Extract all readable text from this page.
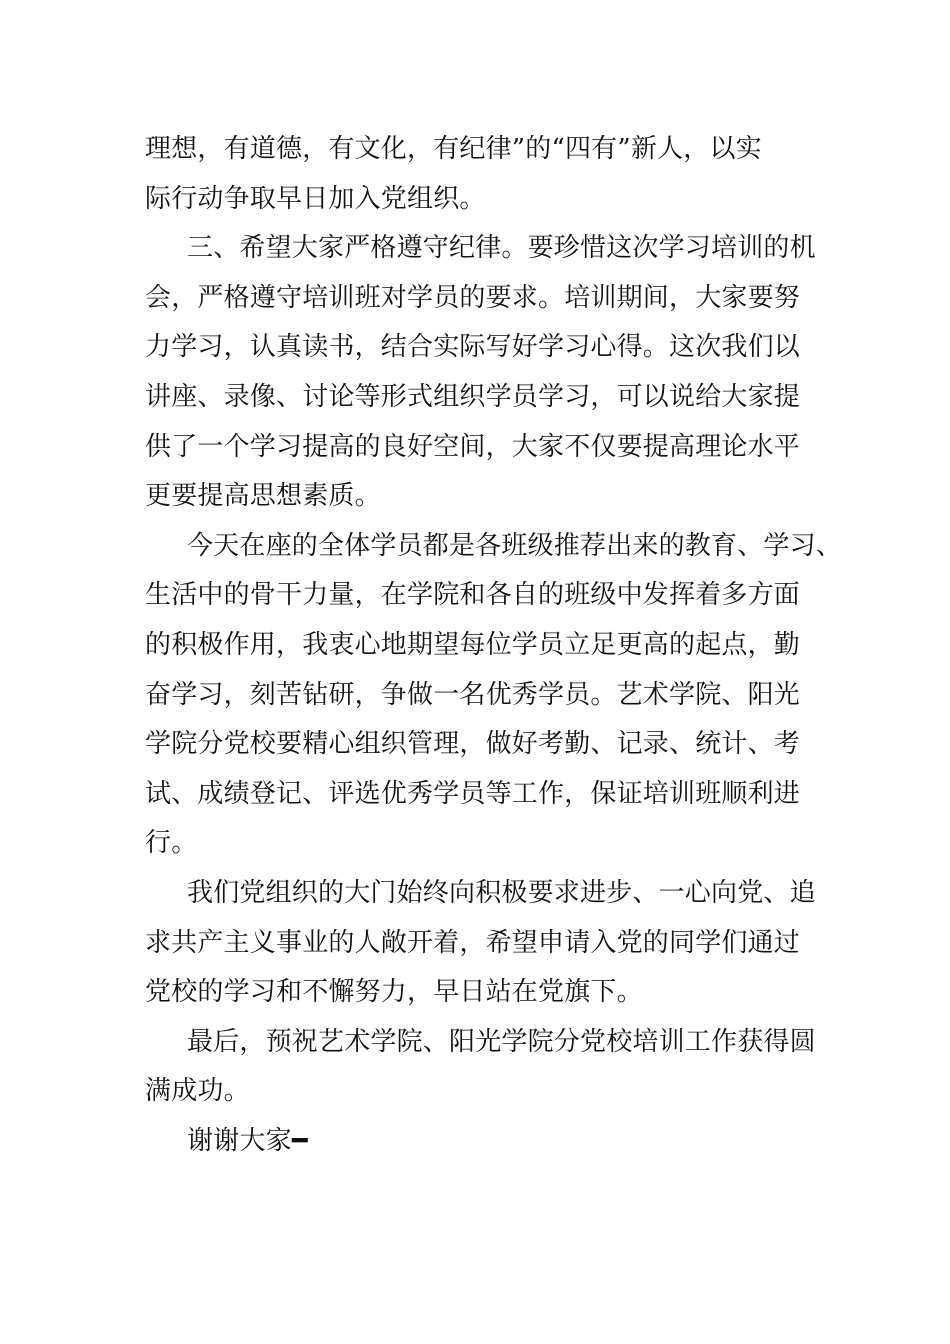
理想，有道德，有文化，有纪律”的“四有”新人，以实
际行动争取早日加入党组织。
三、希望大家严格遵守纪律。要珍惜这次学习培训的机
会，严格遵守培训班对学员的要求。培训期间，大家要努
力学习，认真读书，结合实际写好学习心得。这次我们以
讲座、录像、讨论等形式组织学员学习，可以说给大家提
供了一个学习提高的良好空间，大家不仅要提高理论水平
更要提高思想素质。
今天在座的全体学员都是各班级推荐出来的教育、学习、
生活中的骨干力量，在学院和各自的班级中发挥着多方面
的积极作用，我衷心地期望每位学员立足更高的起点，勤
奋学习，刻苦钻研，争做一名优秀学员。艺术学院、阳光
学院分党校要精心组织管理，做好考勤、记录、统计、考
试、成绩登记、评选优秀学员等工作，保证培训班顺利进
行。
我们党组织的大门始终向积极要求进步、一心向党、追
求共产主义事业的人敞开着，希望申请入党的同学们通过
党校的学习和不懈努力，早日站在党旗下。
最后，预祝艺术学院、阳光学院分党校培训工作获得圆
满成功。
谢谢大家━
